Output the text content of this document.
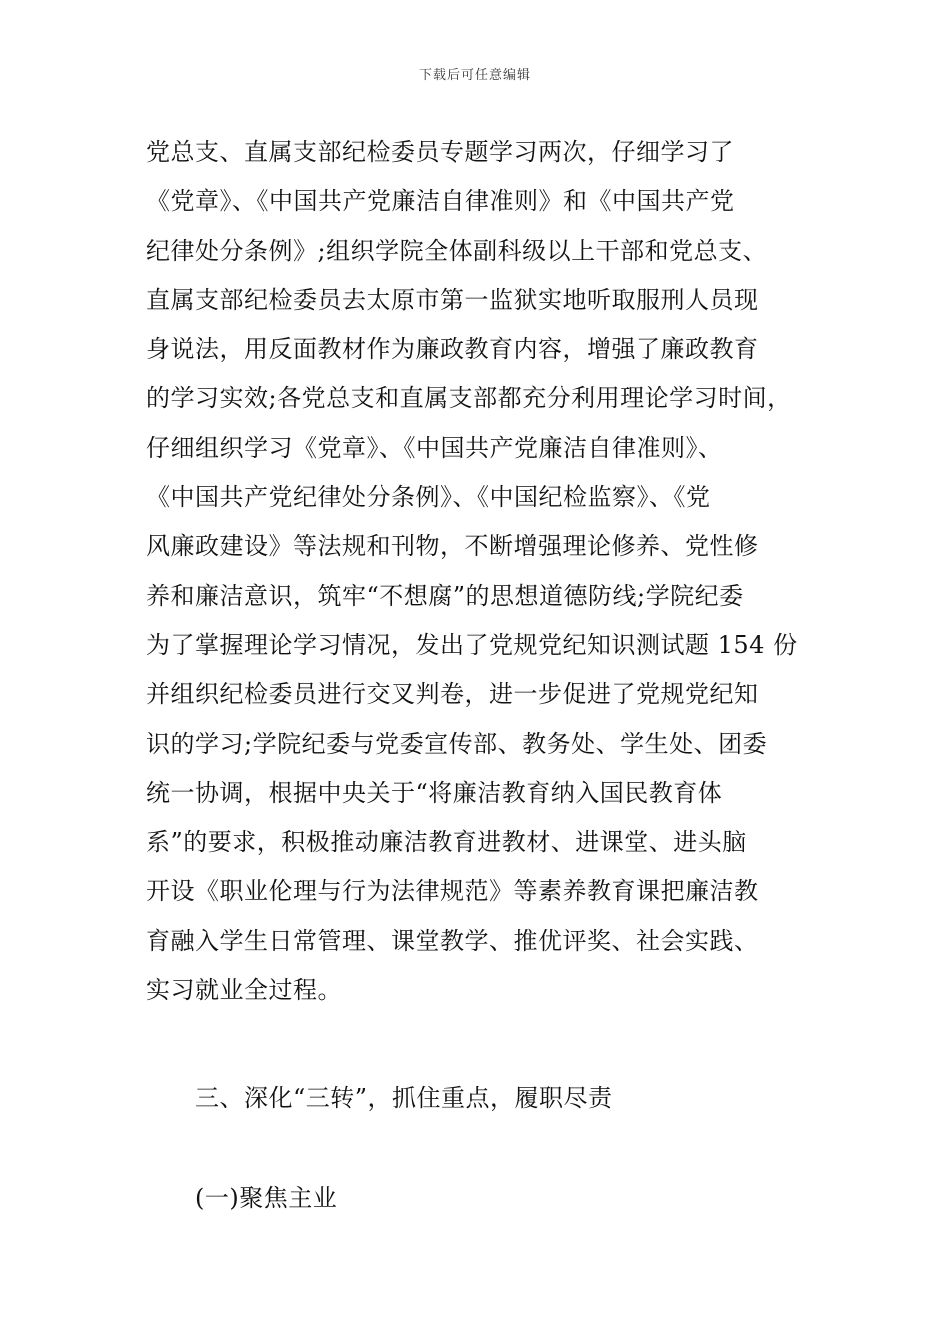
下载后可任意编辑
党总支、直属支部纪检委员专题学习两次，仔细学习了
《党章》、《中国共产党廉洁自律准则》和《中国共产党
纪律处分条例》;组织学院全体副科级以上干部和党总支、
直属支部纪检委员去太原市第一监狱实地听取服刑人员现
身说法，用反面教材作为廉政教育内容，增强了廉政教育
的学习实效;各党总支和直属支部都充分利用理论学习时间，
仔细组织学习《党章》、《中国共产党廉洁自律准则》、
《中国共产党纪律处分条例》、《中国纪检监察》、《党
风廉政建设》等法规和刊物，不断增强理论修养、党性修
养和廉洁意识，筑牢“不想腐”的思想道德防线;学院纪委
为了掌握理论学习情况，发出了党规党纪知识测试题 154 份
并组织纪检委员进行交叉判卷，进一步促进了党规党纪知
识的学习;学院纪委与党委宣传部、教务处、学生处、团委
统一协调，根据中央关于“将廉洁教育纳入国民教育体
系”的要求，积极推动廉洁教育进教材、进课堂、进头脑
开设《职业伦理与行为法律规范》等素养教育课把廉洁教
育融入学生日常管理、课堂教学、推优评奖、社会实践、
实习就业全过程。
三、深化“三转”，抓住重点，履职尽责
(一)聚焦主业
